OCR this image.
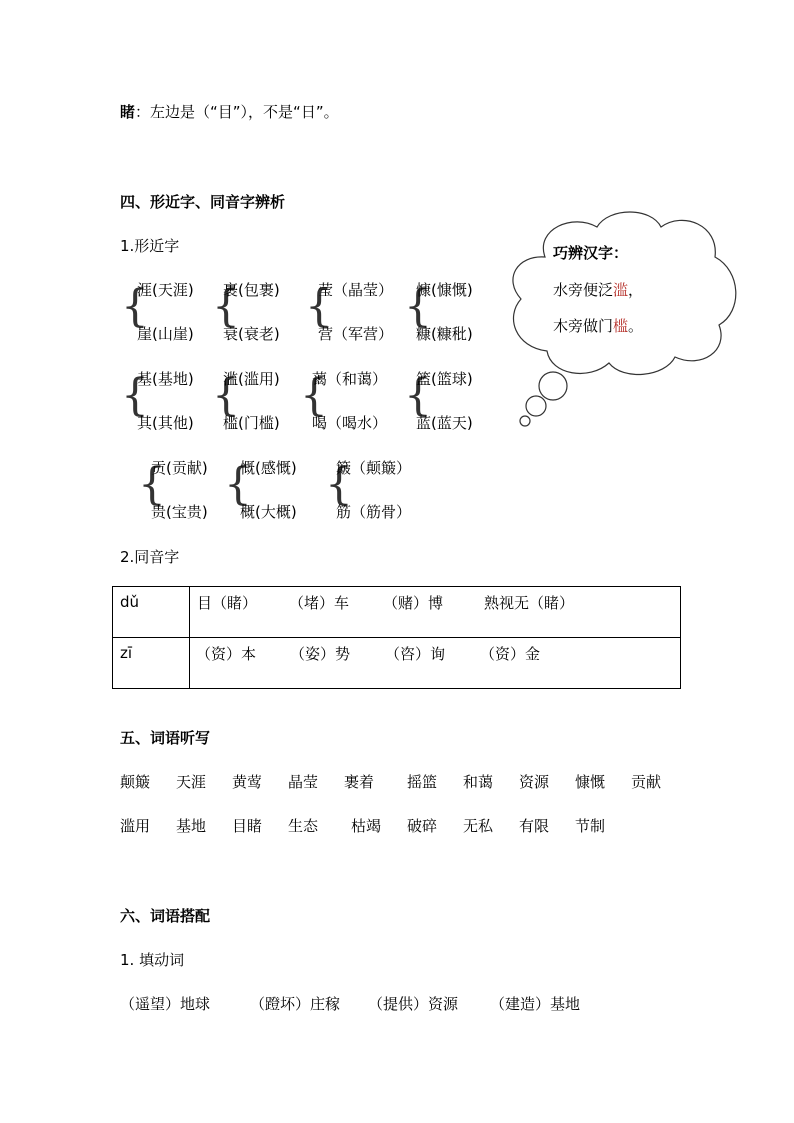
睹：左边是（“目”），不是“日”。
四、形近字、同音字辨析
1.形近字
{
涯(天涯)
崖(山崖)
{
裹(包裹)
衰(衰老)
{
莹（晶莹）
营（军营）
{
慷(慷慨)
糠(糠秕)
{
基(基地)
其(其他)
{
滥(滥用)
槛(门槛)
{
蔼（和蔼）
喝（喝水）
{
篮(篮球)
蓝(蓝天)
{
贡(贡献)
贵(宝贵)
{
慨(感慨)
概(大概)
{
簸（颠簸）
筋（筋骨）
巧辨汉字：
水旁便泛滥，
木旁做门槛。
2.同音字
dǔ	目（睹） （堵）车 （赌）博 熟视无（睹）

zī	（资）本 （姿）势 （咨）询 （资）金
五、词语听写
颠簸 天涯 黄莺 晶莹 裹着 摇篮 和蔼 资源 慷慨 贡献
滥用 基地 目睹 生态 枯竭 破碎 无私 有限 节制
六、词语搭配
1. 填动词
（遥望）地球	（蹬坏）庄稼 （提供）资源 （建造）基地
